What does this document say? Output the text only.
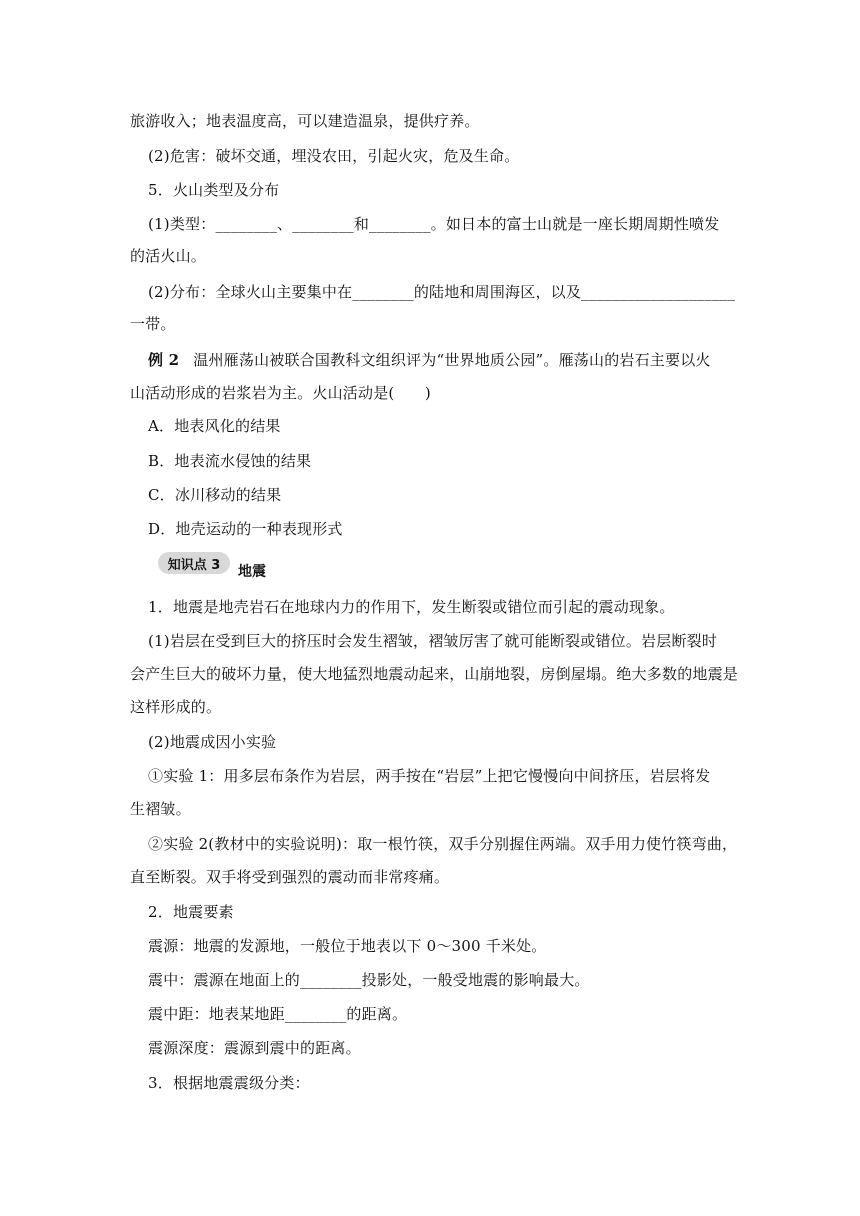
旅游收入；地表温度高，可以建造温泉，提供疗养。
(2)危害：破坏交通，埋没农田，引起火灾，危及生命。
5．火山类型及分布
(1)类型：________、________和________。如日本的富士山就是一座长期周期性喷发
的活火山。
(2)分布：全球火山主要集中在________的陆地和周围海区，以及____________________
一带。
例 2 温州雁荡山被联合国教科文组织评为“世界地质公园”。雁荡山的岩石主要以火
山活动形成的岩浆岩为主。火山活动是(　　)
A．地表风化的结果
B．地表流水侵蚀的结果
C．冰川移动的结果
D．地壳运动的一种表现形式
知识点 3	地震
1．地震是地壳岩石在地球内力的作用下，发生断裂或错位而引起的震动现象。
(1)岩层在受到巨大的挤压时会发生褶皱，褶皱厉害了就可能断裂或错位。岩层断裂时
会产生巨大的破坏力量，使大地猛烈地震动起来，山崩地裂，房倒屋塌。绝大多数的地震是
这样形成的。
(2)地震成因小实验
①实验 1：用多层布条作为岩层，两手按在“岩层”上把它慢慢向中间挤压，岩层将发
生褶皱。
②实验 2(教材中的实验说明)：取一根竹筷，双手分别握住两端。双手用力使竹筷弯曲，
直至断裂。双手将受到强烈的震动而非常疼痛。
2．地震要素
震源：地震的发源地，一般位于地表以下 0～300 千米处。
震中：震源在地面上的________投影处，一般受地震的影响最大。
震中距：地表某地距________的距离。
震源深度：震源到震中的距离。
3．根据地震震级分类：
